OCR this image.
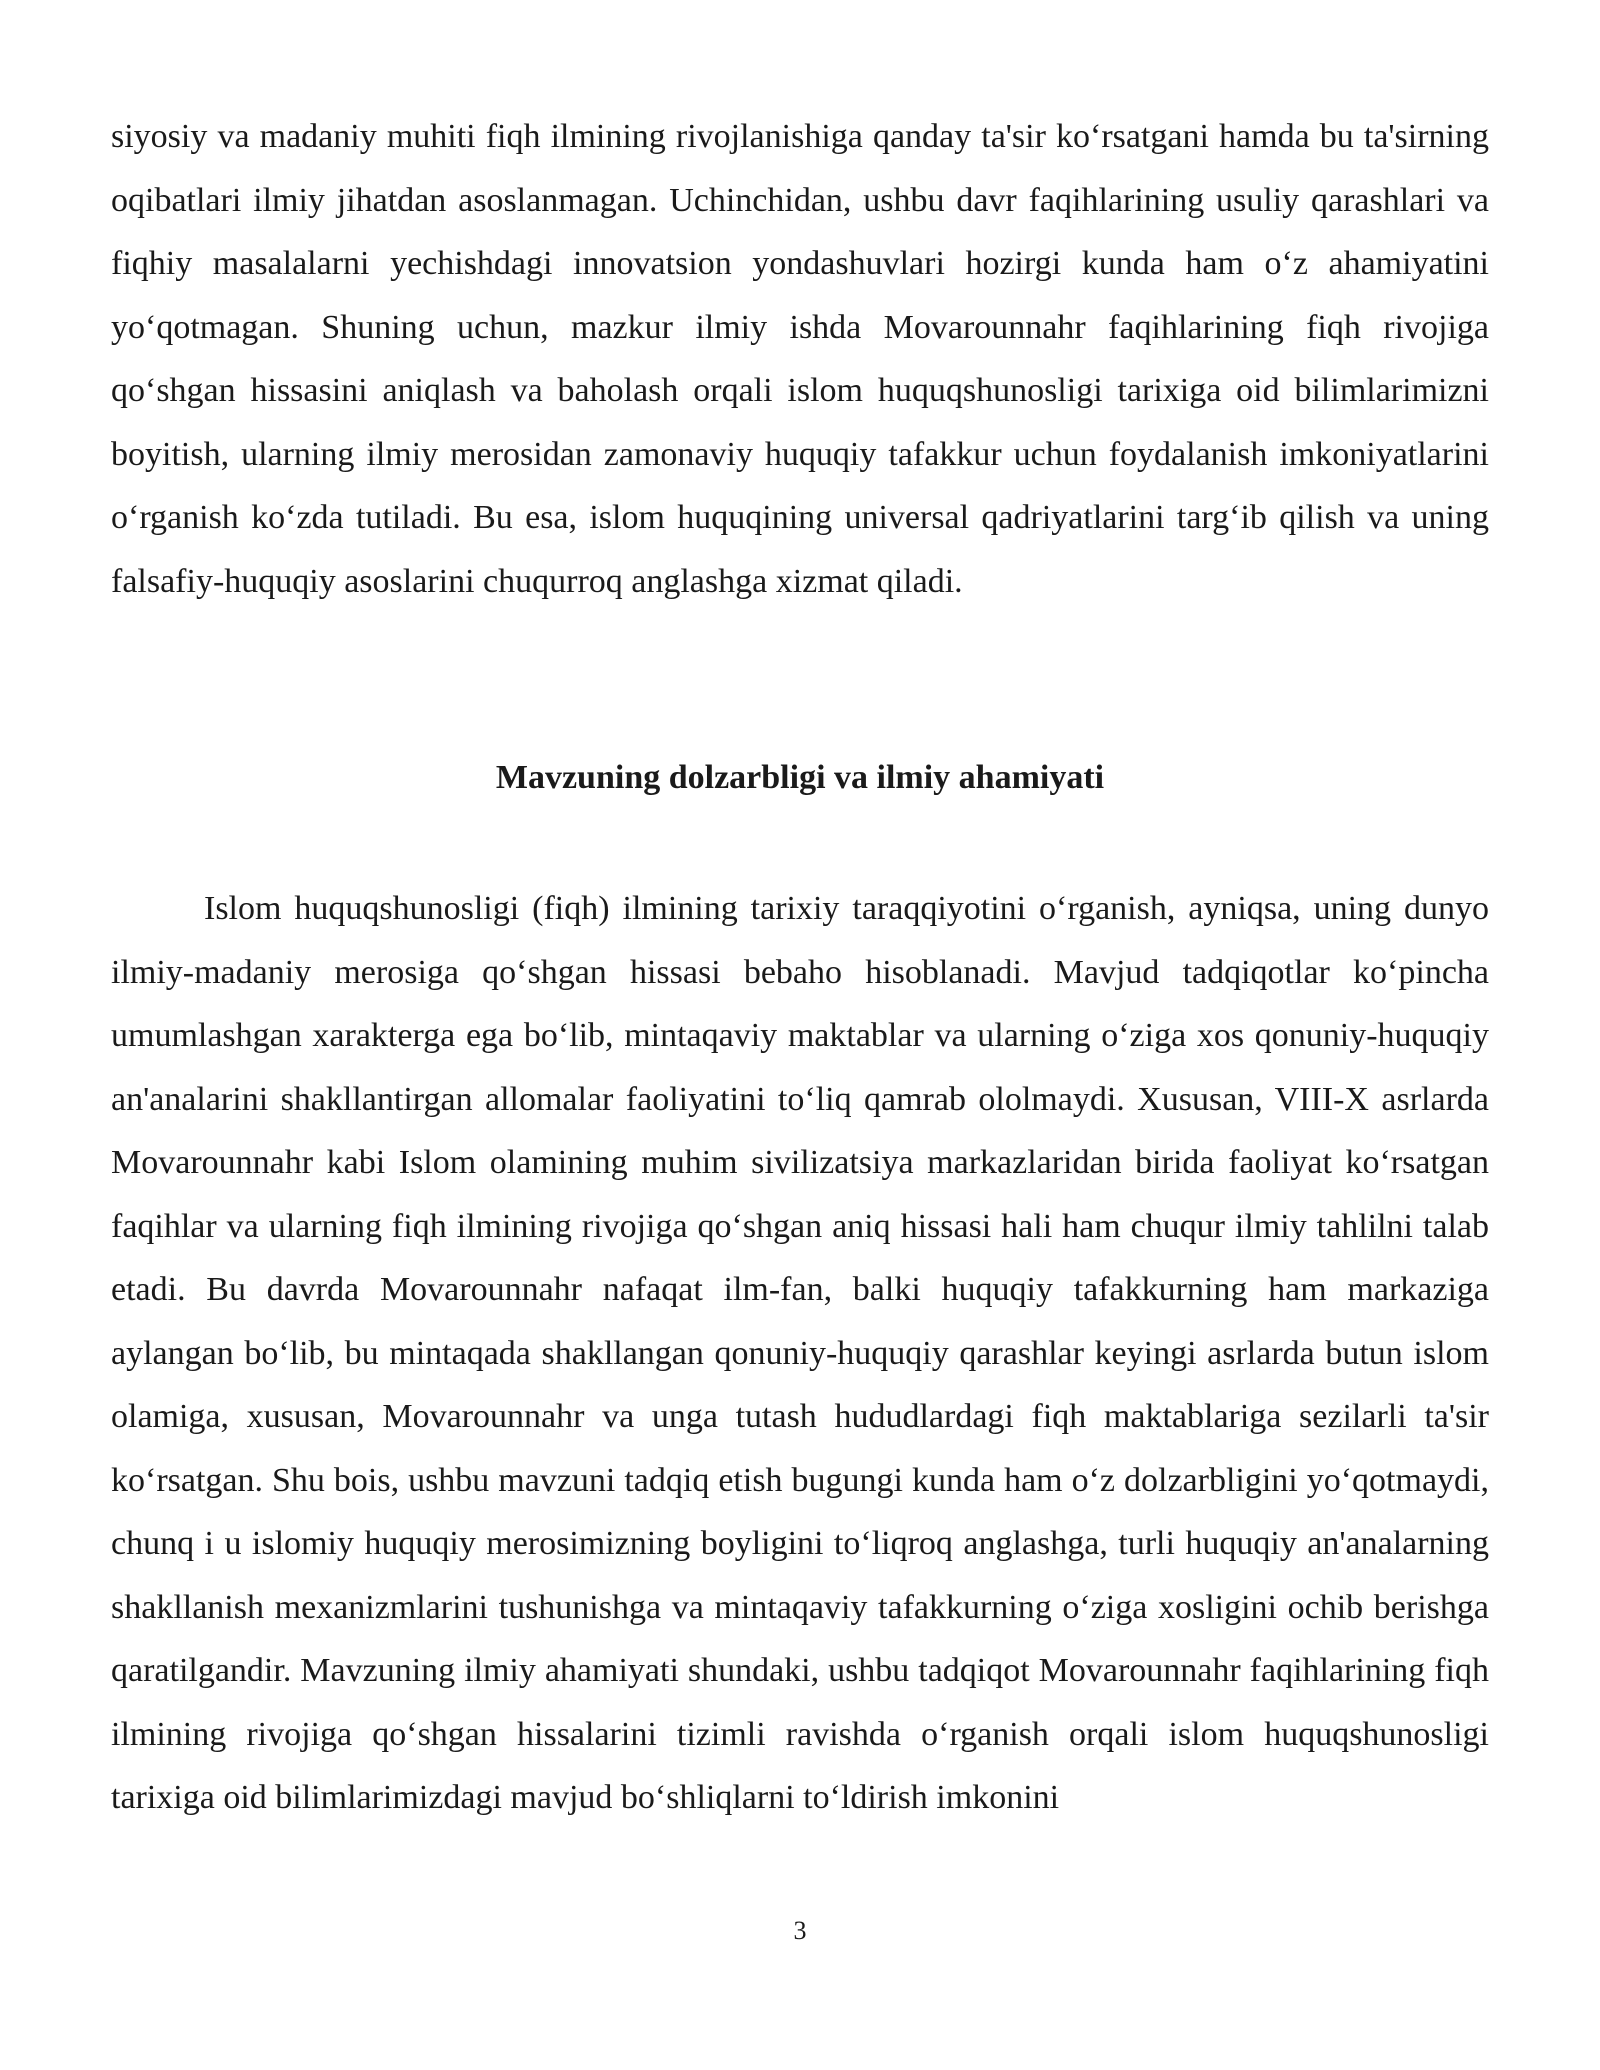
siyosiy va madaniy muhiti fiqh ilmining rivojlanishiga qanday ta'sir ko‘rsatgani hamda bu ta'sirning oqibatlari ilmiy jihatdan asoslanmagan. Uchinchidan, ushbu davr faqihlarining usuliy qarashlari va fiqhiy masalalarni yechishdagi innovatsion yondashuvlari hozirgi kunda ham o‘z ahamiyatini yo‘qotmagan. Shuning uchun, mazkur ilmiy ishda Movarounnahr faqihlarining fiqh rivojiga qo‘shgan hissasini aniqlash va baholash orqali islom huquqshunosligi tarixiga oid bilimlarimizni boyitish, ularning ilmiy merosidan zamonaviy huquqiy tafakkur uchun foydalanish imkoniyatlarini o‘rganish ko‘zda tutiladi. Bu esa, islom huquqining universal qadriyatlarini targ‘ib qilish va uning falsafiy-huquqiy asoslarini chuqurroq anglashga xizmat qiladi.

Mavzuning dolzarbligi va ilmiy ahamiyati

Islom huquqshunosligi (fiqh) ilmining tarixiy taraqqiyotini o‘rganish, ayniqsa, uning dunyo ilmiy-madaniy merosiga qo‘shgan hissasi bebaho hisoblanadi. Mavjud tadqiqotlar ko‘pincha umumlashgan xarakterga ega bo‘lib, mintaqaviy maktablar va ularning o‘ziga xos qonuniy-huquqiy an'analarini shakllantirgan allomalar faoliyatini to‘liq qamrab ololmaydi. Xususan, VIII-X asrlarda Movarounnahr kabi Islom olamining muhim sivilizatsiya markazlaridan birida faoliyat ko‘rsatgan faqihlar va ularning fiqh ilmining rivojiga qo‘shgan aniq hissasi hali ham chuqur ilmiy tahlilni talab etadi. Bu davrda Movarounnahr nafaqat ilm-fan, balki huquqiy tafakkurning ham markaziga aylangan bo‘lib, bu mintaqada shakllangan qonuniy-huquqiy qarashlar keyingi asrlarda butun islom olamiga, xususan, Movarounnahr va unga tutash hududlardagi fiqh maktablariga sezilarli ta'sir ko‘rsatgan. Shu bois, ushbu mavzuni tadqiq etish bugungi kunda ham o‘z dolzarbligini yo‘qotmaydi, chunq i u islomiy huquqiy merosimizning boyligini to‘liqroq anglashga, turli huquqiy an'analarning shakllanish mexanizmlarini tushunishga va mintaqaviy tafakkurning o‘ziga xosligini ochib berishga qaratilgandir. Mavzuning ilmiy ahamiyati shundaki, ushbu tadqiqot Movarounnahr faqihlarining fiqh ilmining rivojiga qo‘shgan hissalarini tizimli ravishda o‘rganish orqali islom huquqshunosligi tarixiga oid bilimlarimizdagi mavjud bo‘shliqlarni to‘ldirish imkonini

3
